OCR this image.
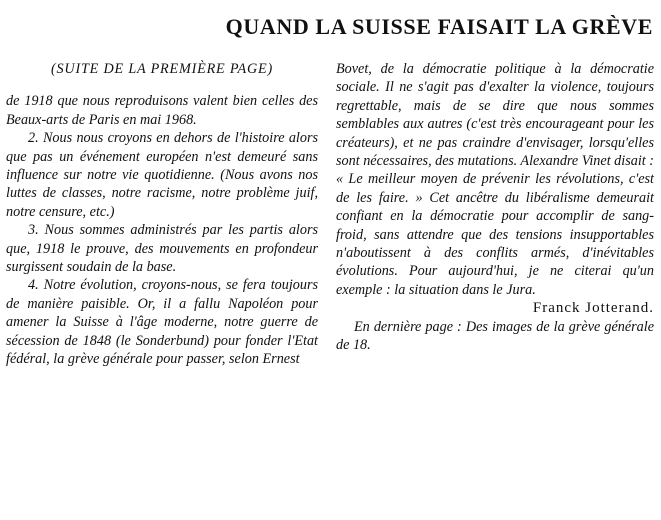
QUAND LA SUISSE FAISAIT LA GRÈVE
(SUITE DE LA PREMIÈRE PAGE)

de 1918 que nous reproduisons valent bien celles des Beaux-arts de Paris en mai 1968.

2. Nous nous croyons en dehors de l'histoire alors que pas un événement européen n'est demeuré sans influence sur notre vie quotidienne. (Nous avons nos luttes de classes, notre racisme, notre problème juif, notre censure, etc.)

3. Nous sommes administrés par les partis alors que, 1918 le prouve, des mouvements en profondeur surgissent soudain de la base.

4. Notre évolution, croyons-nous, se fera toujours de manière paisible. Or, il a fallu Napoléon pour amener la Suisse à l'âge moderne, notre guerre de sécession de 1848 (le Sonderbund) pour fonder l'Etat fédéral, la grève générale pour passer, selon Ernest

Bovet, de la démocratie politique à la démocratie sociale. Il ne s'agit pas d'exalter la violence, toujours regrettable, mais de se dire que nous sommes semblables aux autres (c'est très encourageant pour les créateurs), et ne pas craindre d'envisager, lorsqu'elles sont nécessaires, des mutations. Alexandre Vinet disait : « Le meilleur moyen de prévenir les révolutions, c'est de les faire. » Cet ancêtre du libéralisme demeurait confiant en la démocratie pour accomplir de sang-froid, sans attendre que des tensions insupportables n'aboutissent à des conflits armés, d'inévitables évolutions. Pour aujourd'hui, je ne citerai qu'un exemple : la situation dans le Jura.

Franck Jotterand.

En dernière page : Des images de la grève générale de 18.
